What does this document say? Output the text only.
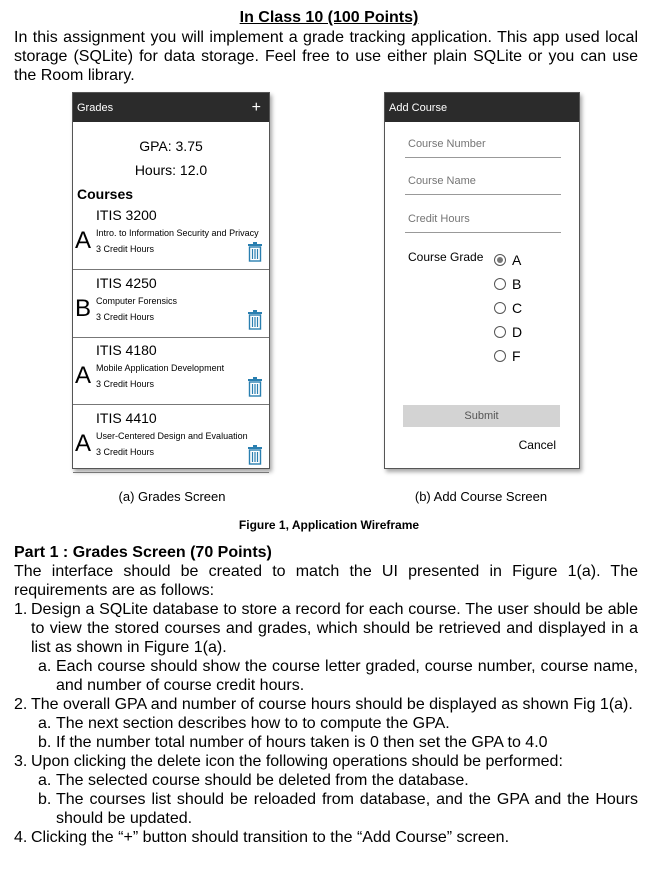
In Class 10 (100 Points)
In this assignment you will implement a grade tracking application. This app used local storage (SQLite) for data storage. Feel free to use either plain SQLite or you can use the Room library.
Grades	+
GPA: 3.75
Hours: 12.0
Courses
A
ITIS 3200
Intro. to Information Security and Privacy
3 Credit Hours
B
ITIS 4250
Computer Forensics
3 Credit Hours
A
ITIS 4180
Mobile Application Development
3 Credit Hours
A
ITIS 4410
User-Centered Design and Evaluation
3 Credit Hours
Add Course
Course Number
Course Name
Credit Hours
Course Grade A
B
C
D
F
Submit
Cancel
(a) Grades Screen	(b) Add Course Screen
Figure 1, Application Wireframe
Part 1 : Grades Screen (70 Points)
The interface should be created to match the UI presented in Figure 1(a). The requirements are as follows:
1. Design a SQLite database to store a record for each course. The user should be able to view the stored courses and grades, which should be retrieved and displayed in a list as shown in Figure 1(a).
a. Each course should show the course letter graded, course number, course name, and number of course credit hours.
2. The overall GPA and number of course hours should be displayed as shown Fig 1(a).
a. The next section describes how to to compute the GPA.
b. If the number total number of hours taken is 0 then set the GPA to 4.0
3. Upon clicking the delete icon the following operations should be performed:
a. The selected course should be deleted from the database.
b. The courses list should be reloaded from database, and the GPA and the Hours should be updated.
4. Clicking the “+” button should transition to the “Add Course” screen.
